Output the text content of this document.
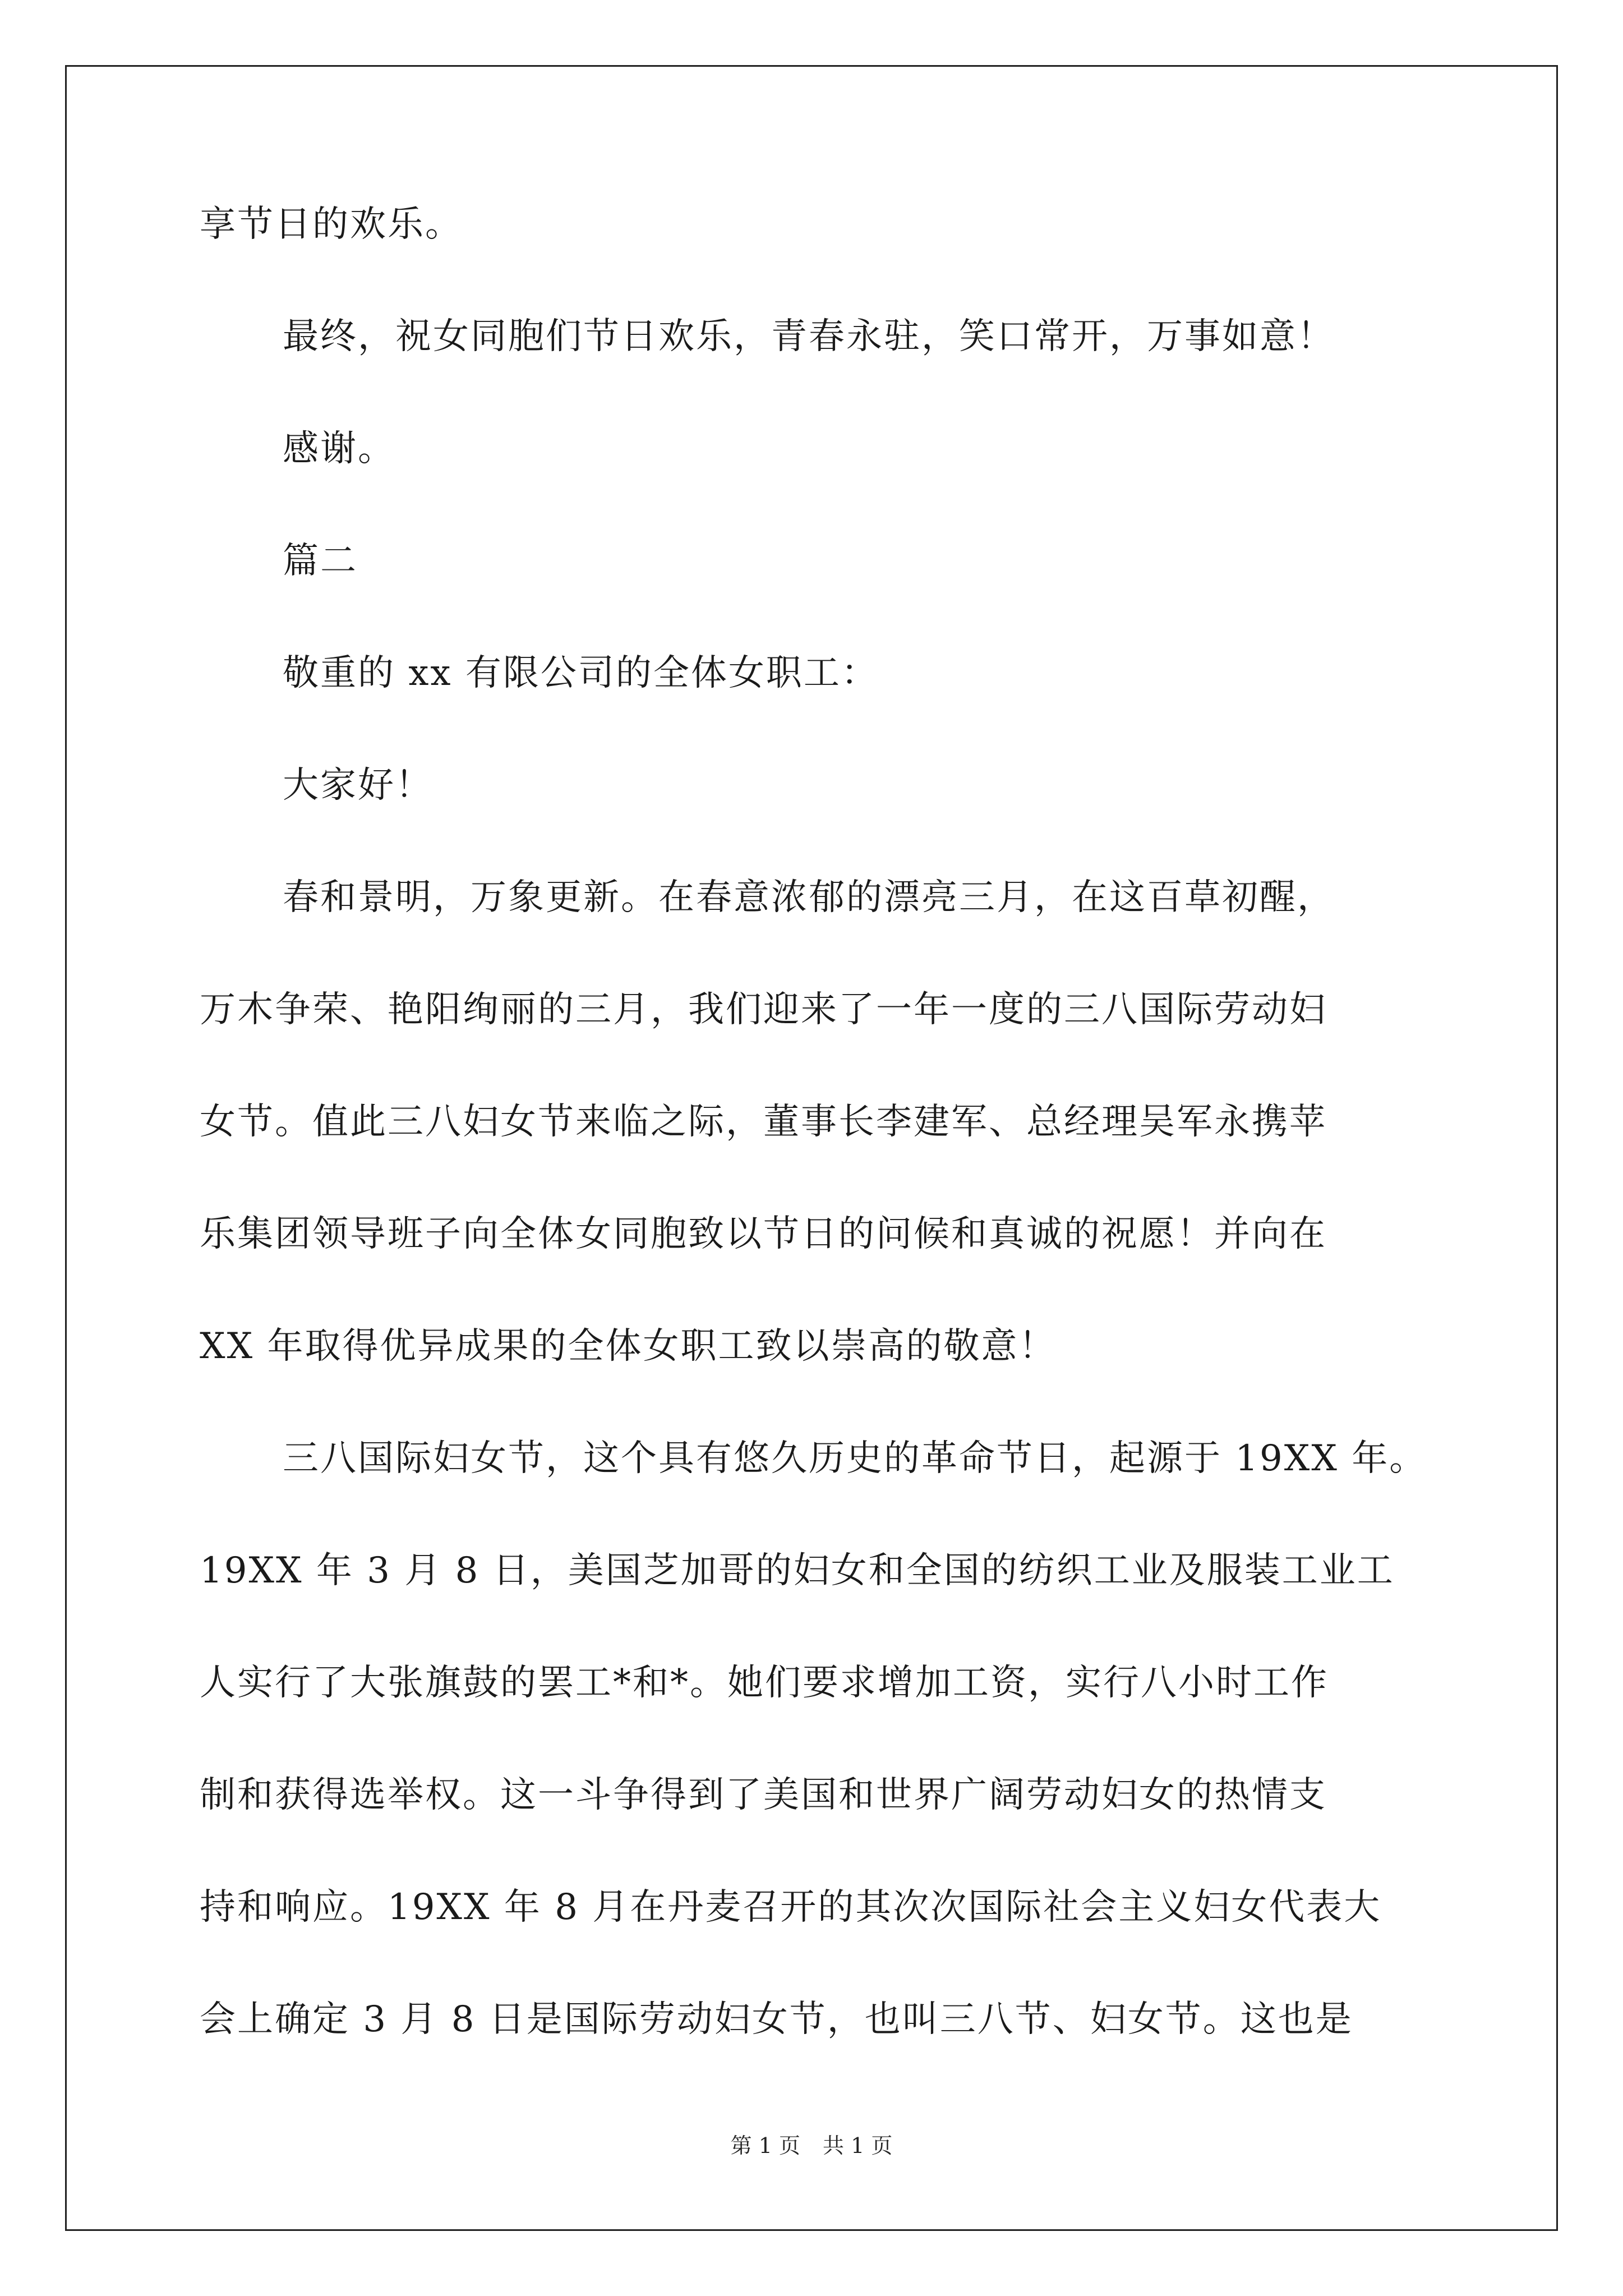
享节日的欢乐。
最终，祝女同胞们节日欢乐，青春永驻，笑口常开，万事如意！
感谢。
篇二
敬重的 xx 有限公司的全体女职工：
大家好！
春和景明，万象更新。在春意浓郁的漂亮三月，在这百草初醒，
万木争荣、艳阳绚丽的三月，我们迎来了一年一度的三八国际劳动妇
女节。值此三八妇女节来临之际，董事长李建军、总经理吴军永携苹
乐集团领导班子向全体女同胞致以节日的问候和真诚的祝愿！并向在
XX 年取得优异成果的全体女职工致以崇高的敬意！
三八国际妇女节，这个具有悠久历史的革命节日，起源于 19XX 年。
19XX 年 3 月 8 日，美国芝加哥的妇女和全国的纺织工业及服装工业工
人实行了大张旗鼓的罢工*和*。她们要求增加工资，实行八小时工作
制和获得选举权。这一斗争得到了美国和世界广阔劳动妇女的热情支
持和响应。19XX 年 8 月在丹麦召开的其次次国际社会主义妇女代表大
会上确定 3 月 8 日是国际劳动妇女节，也叫三八节、妇女节。这也是
第 1 页 共 1 页
